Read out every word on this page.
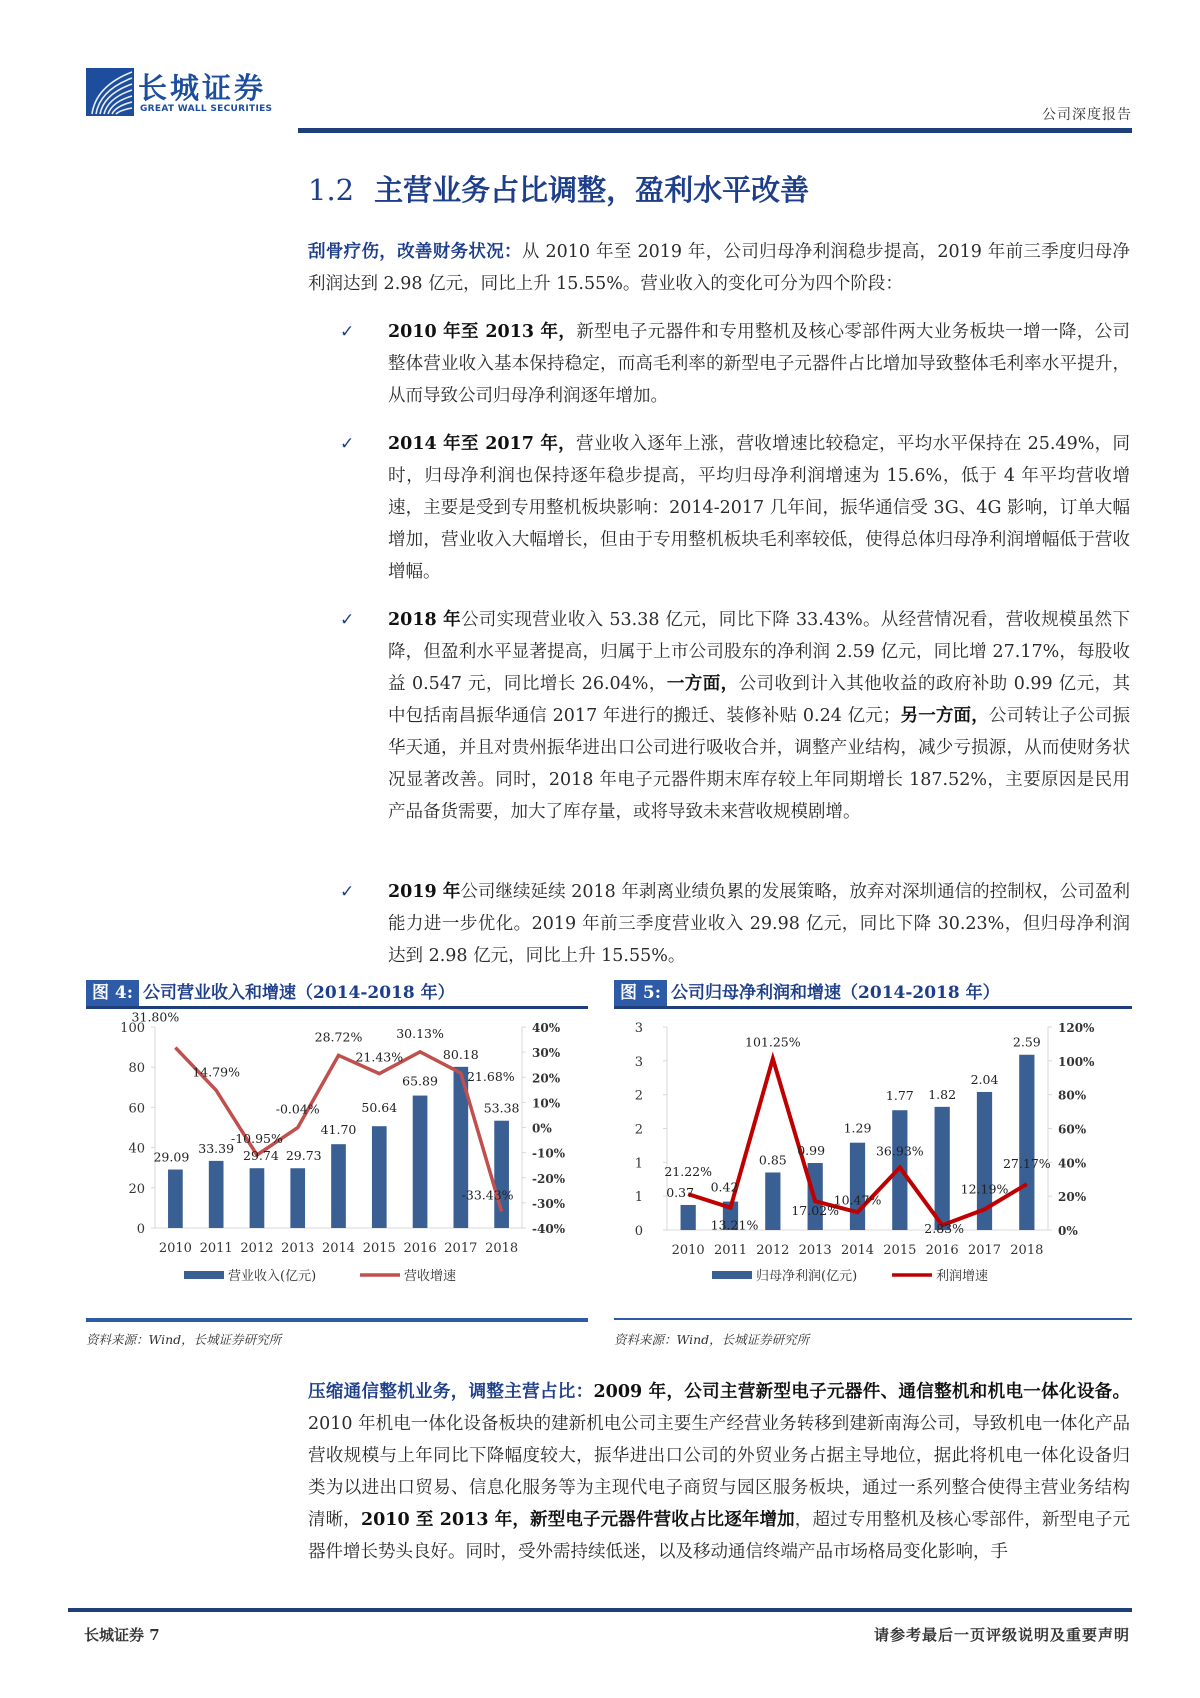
长城证券
GREAT WALL SECURITIES	公司深度报告
1.2 主营业务占比调整，盈利水平改善
刮骨疗伤，改善财务状况：从 2010 年至 2019 年，公司归母净利润稳步提高，2019 年前三季度归母净利润达到 2.98 亿元，同比上升 15.55%。营业收入的变化可分为四个阶段：
✓ 2010 年至 2013 年，新型电子元器件和专用整机及核心零部件两大业务板块一增一降，公司整体营业收入基本保持稳定，而高毛利率的新型电子元器件占比增加导致整体毛利率水平提升，从而导致公司归母净利润逐年增加。
✓ 2014 年至 2017 年，营业收入逐年上涨，营收增速比较稳定，平均水平保持在 25.49%，同时，归母净利润也保持逐年稳步提高，平均归母净利润增速为 15.6%，低于 4 年平均营收增速，主要是受到专用整机板块影响：2014-2017 几年间，振华通信受 3G、4G 影响，订单大幅增加，营业收入大幅增长，但由于专用整机板块毛利率较低，使得总体归母净利润增幅低于营收增幅。
✓ 2018 年公司实现营业收入 53.38 亿元，同比下降 33.43%。从经营情况看，营收规模虽然下降，但盈利水平显著提高，归属于上市公司股东的净利润 2.59 亿元，同比增 27.17%，每股收益 0.547 元，同比增长 26.04%，一方面，公司收到计入其他收益的政府补助 0.99 亿元，其中包括南昌振华通信 2017 年进行的搬迁、装修补贴 0.24 亿元；另一方面，公司转让子公司振华天通，并且对贵州振华进出口公司进行吸收合并，调整产业结构，减少亏损源，从而使财务状况显著改善。同时，2018 年电子元器件期末库存较上年同期增长 187.52%，主要原因是民用产品备货需要，加大了库存量，或将导致未来营收规模剧增。
✓ 2019 年公司继续延续 2018 年剥离业绩负累的发展策略，放弃对深圳通信的控制权，公司盈利能力进一步优化。2019 年前三季度营业收入 29.98 亿元，同比下降 30.23%，但归母净利润达到 2.98 亿元，同比上升 15.55%。
图 4: 公司营业收入和增速（2014-2018 年）
0
20
40
60
80
100
-40%
-30%
-20%
-10%
0%
10%
20%
30%
40%
2010 2011 2012 2013 2014 2015 2016 2017 2018
29.09
33.39 29.74 29.73
41.70
50.64
65.89
80.18
53.38
31.80%
14.79%
-10.95%
-0.04%
28.72%
21.43%
30.13%
21.68%
-33.43%
营业收入(亿元)	营收增速
资料来源：Wind，长城证券研究所
图 5: 公司归母净利润和增速（2014-2018 年）
0
1
1
2
2
3
3
0%
20%
40%
60%
80%
100%
120%
2010 2011 2012 2013 2014 2015 2016 2017 2018
0.37 0.42
0.85
0.99
1.29
1.77 1.82
2.04
2.59
21.22%
13.21%
101.25%
17.02%
10.47%
36.93%
2.83%
12.19%
27.17%
归母净利润(亿元)	利润增速
资料来源：Wind，长城证券研究所
压缩通信整机业务，调整主营占比：2009 年，公司主营新型电子元器件、通信整机和机电一体化设备。2010 年机电一体化设备板块的建新机电公司主要生产经营业务转移到建新南海公司，导致机电一体化产品营收规模与上年同比下降幅度较大，振华进出口公司的外贸业务占据主导地位，据此将机电一体化设备归类为以进出口贸易、信息化服务等为主现代电子商贸与园区服务板块，通过一系列整合使得主营业务结构清晰，2010 至 2013 年，新型电子元器件营收占比逐年增加，超过专用整机及核心零部件，新型电子元器件增长势头良好。同时，受外需持续低迷，以及移动通信终端产品市场格局变化影响，手
长城证券 7	请参考最后一页评级说明及重要声明
